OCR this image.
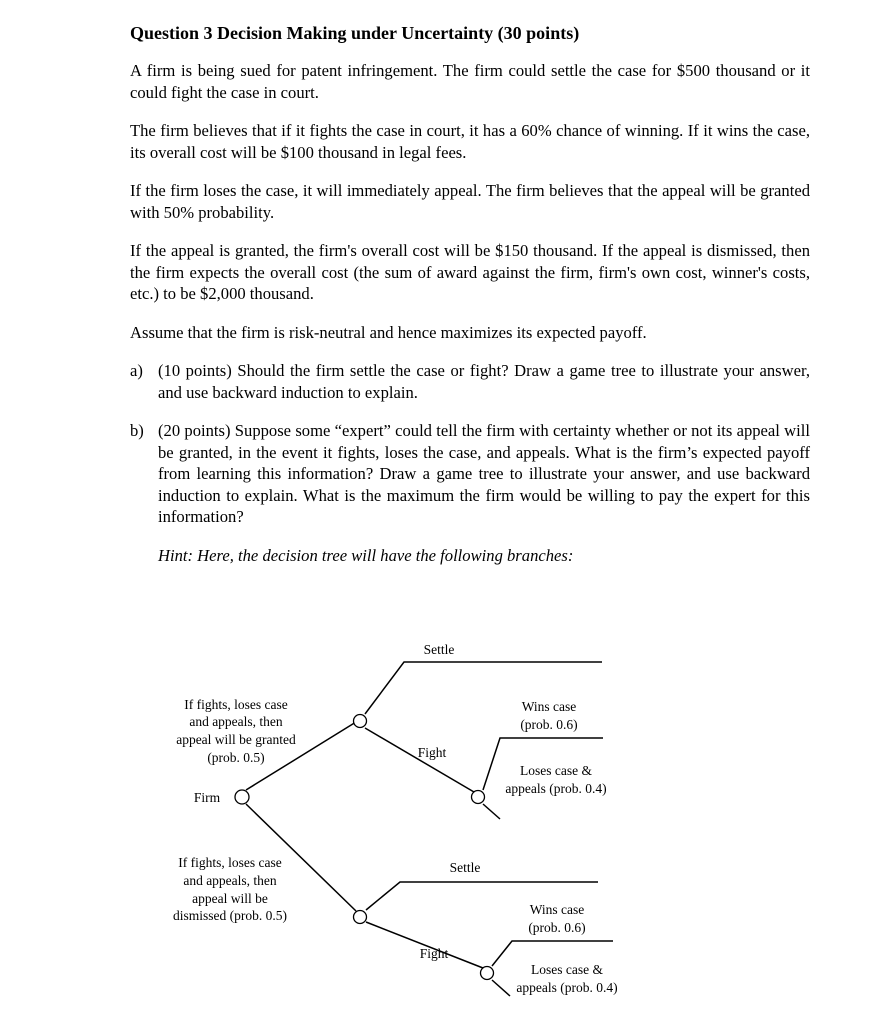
Question 3 Decision Making under Uncertainty (30 points)
A firm is being sued for patent infringement. The firm could settle the case for $500 thousand or it could fight the case in court.
The firm believes that if it fights the case in court, it has a 60% chance of winning. If it wins the case, its overall cost will be $100 thousand in legal fees.
If the firm loses the case, it will immediately appeal. The firm believes that the appeal will be granted with 50% probability.
If the appeal is granted, the firm's overall cost will be $150 thousand. If the appeal is dismissed, then the firm expects the overall cost (the sum of award against the firm, firm's own cost, winner's costs, etc.) to be $2,000 thousand.
Assume that the firm is risk-neutral and hence maximizes its expected payoff.
a) (10 points) Should the firm settle the case or fight? Draw a game tree to illustrate your answer, and use backward induction to explain.
b) (20 points) Suppose some “expert” could tell the firm with certainty whether or not its appeal will be granted, in the event it fights, loses the case, and appeals. What is the firm’s expected payoff from learning this information? Draw a game tree to illustrate your answer, and use backward induction to explain. What is the maximum the firm would be willing to pay the expert for this information?
Hint: Here, the decision tree will have the following branches:
Firm
If fights, loses case
and appeals, then
appeal will be granted
(prob. 0.5)
If fights, loses case
and appeals, then
appeal will be
dismissed (prob. 0.5)
Settle
Fight
Wins case
(prob. 0.6)
Loses case &
appeals (prob. 0.4)
Settle
Fight
Wins case
(prob. 0.6)
Loses case &
appeals (prob. 0.4)
